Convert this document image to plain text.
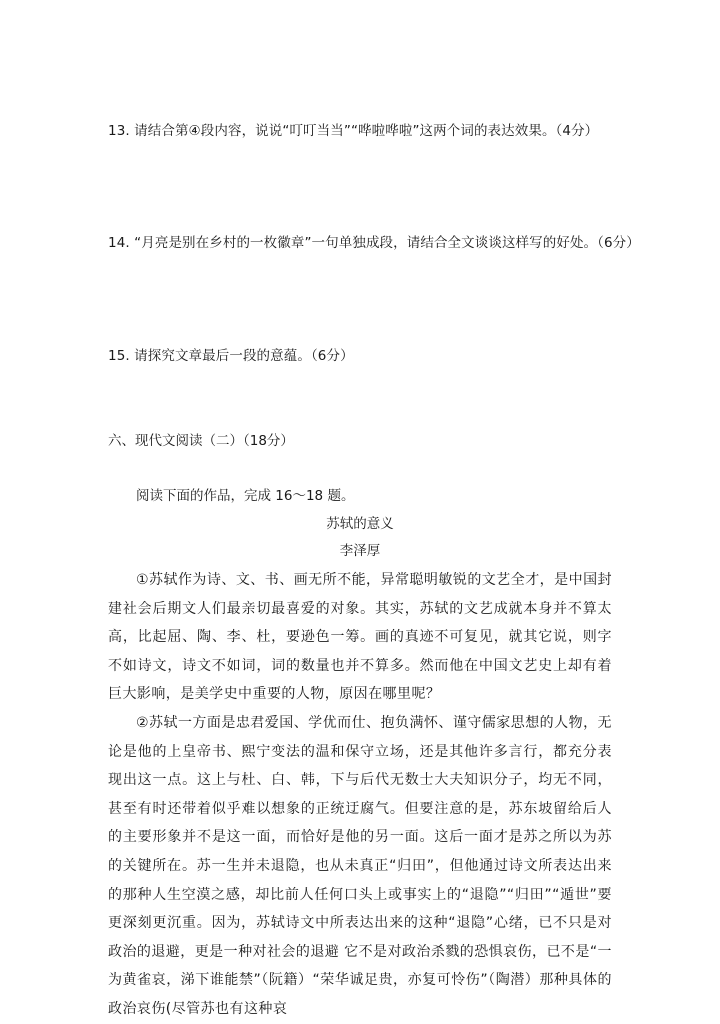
13. 请结合第④段内容，说说“叮叮当当”“哗啦哗啦”这两个词的表达效果。（4分）
14. “月亮是别在乡村的一枚徽章”一句单独成段，请结合全文谈谈这样写的好处。（6分）
15. 请探究文章最后一段的意蕴。（6分）
六、现代文阅读（二）（18分）
阅读下面的作品，完成 16～18 题。
苏轼的意义
李泽厚

①苏轼作为诗、文、书、画无所不能，异常聪明敏锐的文艺全才，是中国封建社会后期文人们最亲切最喜爱的对象。其实，苏轼的文艺成就本身并不算太高，比起屈、陶、李、杜，要逊色一筹。画的真迹不可复见，就其它说，则字不如诗文，诗文不如词，词的数量也并不算多。然而他在中国文艺史上却有着巨大影响，是美学史中重要的人物，原因在哪里呢？

②苏轼一方面是忠君爱国、学优而仕、抱负满怀、谨守儒家思想的人物，无论是他的上皇帝书、熙宁变法的温和保守立场，还是其他许多言行，都充分表现出这一点。这上与杜、白、韩，下与后代无数士大夫知识分子，均无不同，甚至有时还带着似乎难以想象的正统迂腐气。但要注意的是，苏东坡留给后人的主要形象并不是这一面，而恰好是他的另一面。这后一面才是苏之所以为苏的关键所在。苏一生并未退隐，也从未真正“归田”，但他通过诗文所表达出来的那种人生空漠之感，却比前人任何口头上或事实上的“退隐”“归田”“遁世”要更深刻更沉重。因为，苏轼诗文中所表达出来的这种“退隐”心绪，已不只是对政治的退避，更是一种对社会的退避 它不是对政治杀戮的恐惧哀伤，已不是“一为黄雀哀，涕下谁能禁”（阮籍）“荣华诚足贵，亦复可怜伤”（陶潜）那种具体的政治哀伤(尽管苏也有这种哀
